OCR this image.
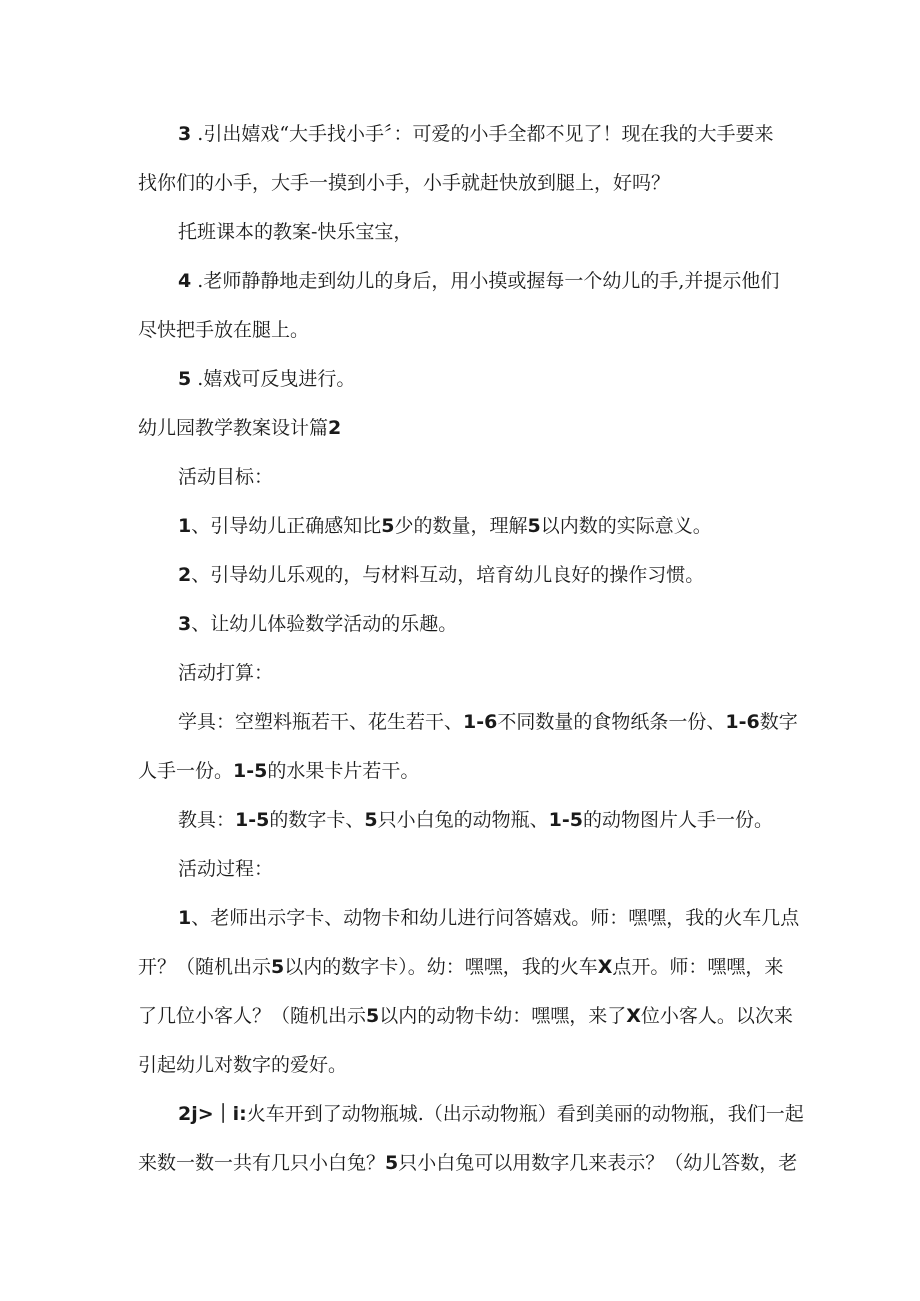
3 .引出嬉戏“大手找小手〞：可爱的小手全都不见了！现在我的大手要来
找你们的小手，大手一摸到小手，小手就赶快放到腿上，好吗？
托班课本的教案-快乐宝宝，
4 .老师静静地走到幼儿的身后，用小摸或握每一个幼儿的手,并提示他们
尽快把手放在腿上。
5 .嬉戏可反曳进行。
幼儿园教学教案设计篇2
活动目标：
1、引导幼儿正确感知比5少的数量，理解5以内数的实际意义。
2、引导幼儿乐观的，与材料互动，培育幼儿良好的操作习惯。
3、让幼儿体验数学活动的乐趣。
活动打算：
学具：空塑料瓶若干、花生若干、1-6不同数量的食物纸条一份、1-6数字
人手一份。1-5的水果卡片若干。
教具：1-5的数字卡、5只小白兔的动物瓶、1-5的动物图片人手一份。
活动过程：
1、老师出示字卡、动物卡和幼儿进行问答嬉戏。师：嘿嘿，我的火车几点
开？（随机出示5以内的数字卡）。幼：嘿嘿，我的火车X点开。师：嘿嘿，来
了几位小客人？（随机出示5以内的动物卡幼：嘿嘿，来了X位小客人。以次来
引起幼儿对数字的爱好。
2j>｜i:火车开到了动物瓶城.（出示动物瓶）看到美丽的动物瓶，我们一起
来数一数一共有几只小白兔？5只小白兔可以用数字几来表示？（幼儿答数，老
